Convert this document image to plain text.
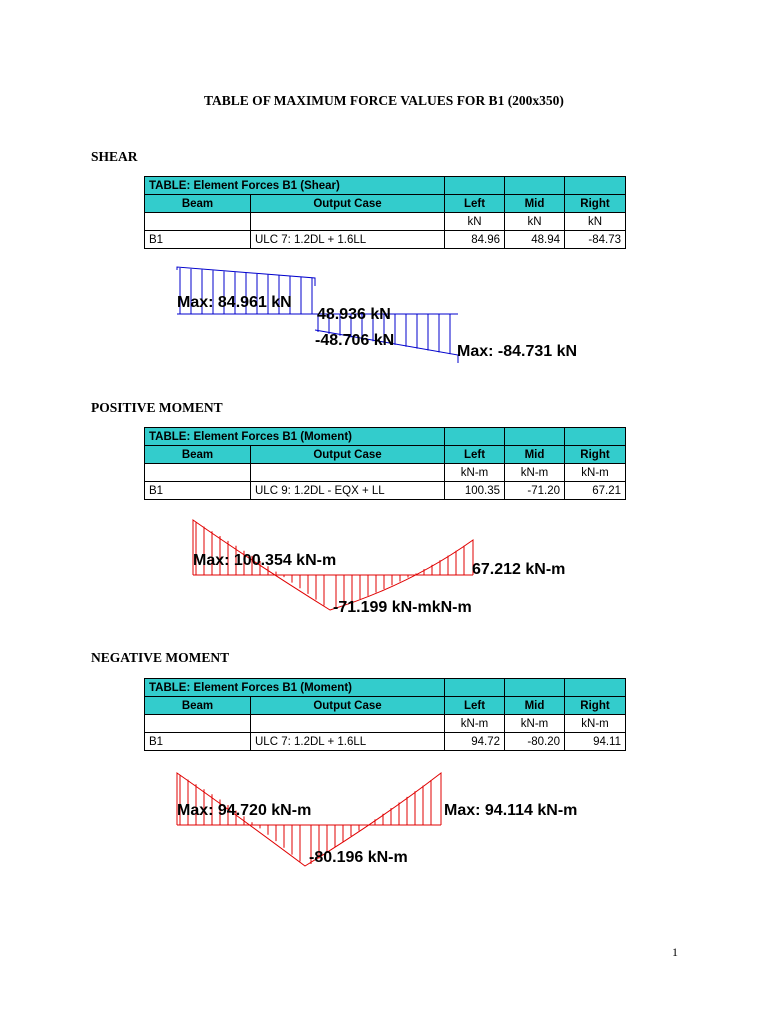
TABLE OF MAXIMUM FORCE VALUES FOR B1 (200x350)
SHEAR
TABLE: Element Forces B1 (Shear)				
Beam	Output Case	Left	Mid	Right
		kN	kN	kN
B1	ULC 7: 1.2DL + 1.6LL	84.96	48.94	-84.73
Max: 84.961 kN
48.936 kN
-48.706 kN
Max: -84.731 kN
POSITIVE MOMENT
TABLE: Element Forces B1 (Moment)				
Beam	Output Case	Left	Mid	Right
		kN-m	kN-m	kN-m
B1	ULC 9: 1.2DL - EQX + LL	100.35	-71.20	67.21
Max: 100.354 kN-m
67.212 kN-m
-71.199 kN-mkN-m
NEGATIVE MOMENT
TABLE: Element Forces B1 (Moment)				
Beam	Output Case	Left	Mid	Right
		kN-m	kN-m	kN-m
B1	ULC 7: 1.2DL + 1.6LL	94.72	-80.20	94.11
Max: 94.720 kN-m	Max: 94.114 kN-m
-80.196 kN-m
1
